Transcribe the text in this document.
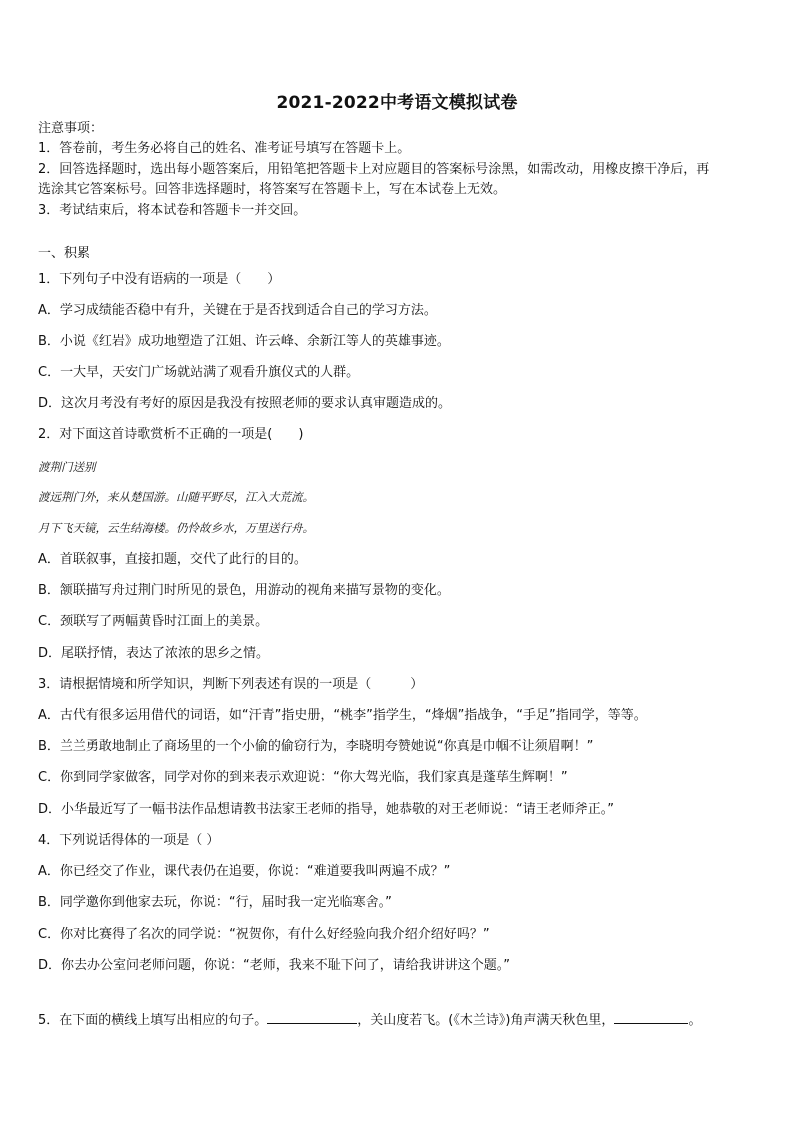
2021-2022中考语文模拟试卷
注意事项：
1．答卷前，考生务必将自己的姓名、准考证号填写在答题卡上。
2．回答选择题时，选出每小题答案后，用铅笔把答题卡上对应题目的答案标号涂黑，如需改动，用橡皮擦干净后，再
选涂其它答案标号。回答非选择题时，将答案写在答题卡上，写在本试卷上无效。
3．考试结束后，将本试卷和答题卡一并交回。
一、积累
1．下列句子中没有语病的一项是（　　）
A．学习成绩能否稳中有升，关键在于是否找到适合自己的学习方法。
B．小说《红岩》成功地塑造了江姐、许云峰、余新江等人的英雄事迹。
C．一大早，天安门广场就站满了观看升旗仪式的人群。
D．这次月考没有考好的原因是我没有按照老师的要求认真审题造成的。
2．对下面这首诗歌赏析不正确的一项是(　　)
渡荆门送别
渡远荆门外，来从楚国游。山随平野尽，江入大荒流。
月下飞天镜，云生结海楼。仍怜故乡水，万里送行舟。
A．首联叙事，直接扣题，交代了此行的目的。
B．颔联描写舟过荆门时所见的景色，用游动的视角来描写景物的变化。
C．颈联写了两幅黄昏时江面上的美景。
D．尾联抒情，表达了浓浓的思乡之情。
3．请根据情境和所学知识，判断下列表述有误的一项是（　　　）
A．古代有很多运用借代的词语，如“汗青”指史册，“桃李”指学生，“烽烟”指战争，“手足”指同学，等等。
B．兰兰勇敢地制止了商场里的一个小偷的偷窃行为，李晓明夸赞她说“你真是巾帼不让须眉啊！”
C．你到同学家做客，同学对你的到来表示欢迎说：“你大驾光临，我们家真是蓬荜生辉啊！”
D．小华最近写了一幅书法作品想请教书法家王老师的指导，她恭敬的对王老师说：“请王老师斧正。”
4．下列说话得体的一项是（ ）
A．你已经交了作业，课代表仍在追要，你说：“难道要我叫两遍不成？”
B．同学邀你到他家去玩，你说：“行，届时我一定光临寒舍。”
C．你对比赛得了名次的同学说：“祝贺你，有什么好经验向我介绍介绍好吗？”
D．你去办公室问老师问题，你说：“老师，我来不耻下问了，请给我讲讲这个题。”
5．在下面的横线上填写出相应的句子。	，关山度若飞。(《木兰诗》)角声满天秋色里，	。
